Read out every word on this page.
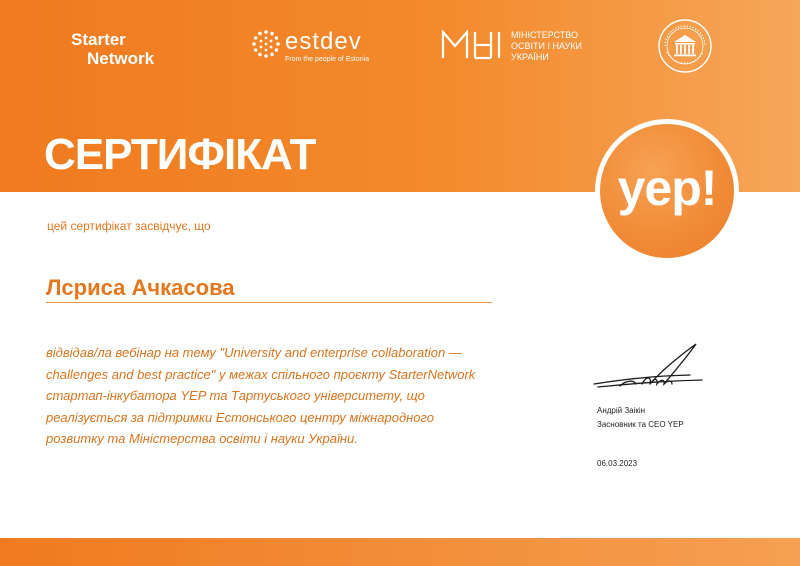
Starter
Network
estdev
From the people of Estonia
МІНІСТЕРСТВО
ОСВІТИ І НАУКИ
УКРАЇНИ
СЕРТИФІКАТ
yep!
цей сертифікат засвідчує, що
Лсриса Ачкасова
відвідав/ла вебінар на тему "University and enterprise collaboration —
challenges and best practice" у межах спільного проєкту StarterNetwork
стартап-інкубатора YEP та Тартуського університету, що
реалізується за підтримки Естонського центру міжнародного
розвитку та Міністерства освіти і науки України.
Андрій Заікін
Засновник та CEO YEP
06.03.2023
